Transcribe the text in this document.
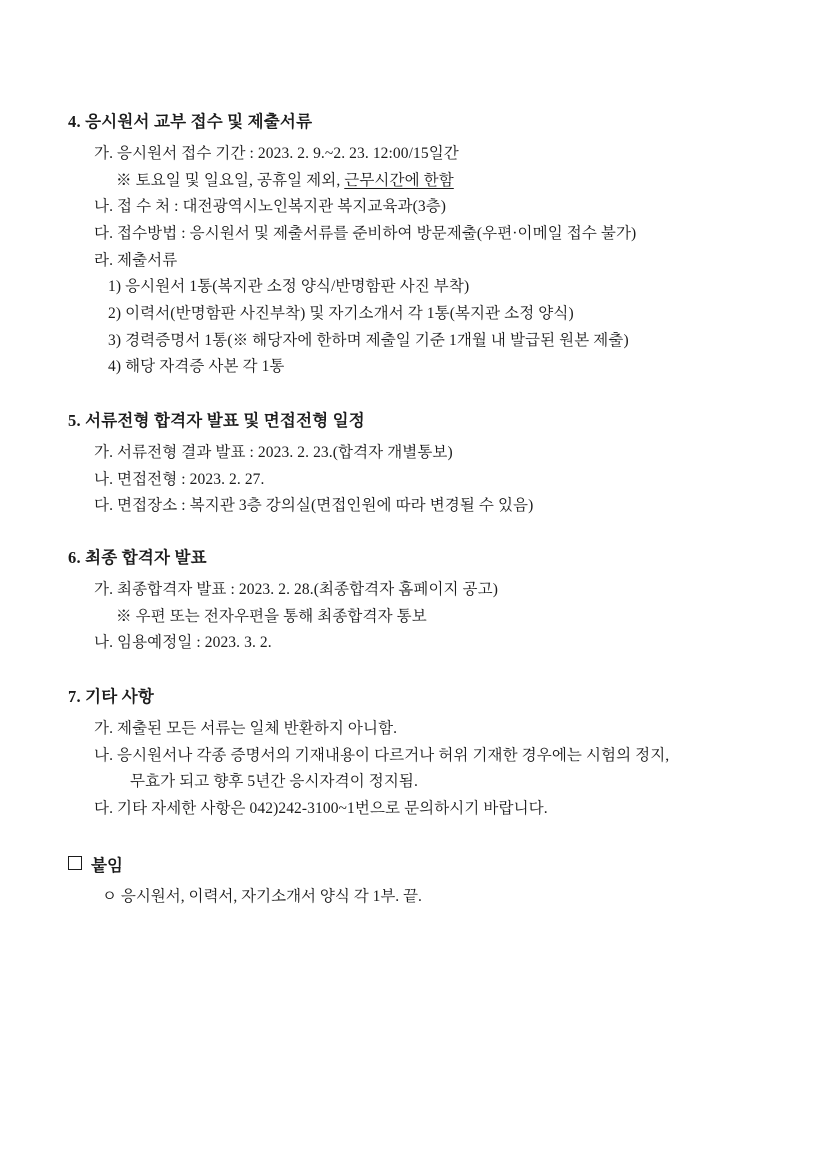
4. 응시원서 교부 접수 및 제출서류
가. 응시원서 접수 기간 : 2023. 2. 9.~2. 23. 12:00/15일간
※ 토요일 및 일요일, 공휴일 제외, 근무시간에 한함
나. 접 수 처 : 대전광역시노인복지관 복지교육과(3층)
다. 접수방법 : 응시원서 및 제출서류를 준비하여 방문제출(우편·이메일 접수 불가)
라. 제출서류
1) 응시원서 1통(복지관 소정 양식/반명함판 사진 부착)
2) 이력서(반명함판 사진부착) 및 자기소개서 각 1통(복지관 소정 양식)
3) 경력증명서 1통(※ 해당자에 한하며 제출일 기준 1개월 내 발급된 원본 제출)
4) 해당 자격증 사본 각 1통
5. 서류전형 합격자 발표 및 면접전형 일정
가. 서류전형 결과 발표 : 2023. 2. 23.(합격자 개별통보)
나. 면접전형 : 2023. 2. 27.
다. 면접장소 : 복지관 3층 강의실(면접인원에 따라 변경될 수 있음)
6. 최종 합격자 발표
가. 최종합격자 발표 : 2023. 2. 28.(최종합격자 홈페이지 공고)
※ 우편 또는 전자우편을 통해 최종합격자 통보
나. 임용예정일 : 2023. 3. 2.
7. 기타 사항
가. 제출된 모든 서류는 일체 반환하지 아니함.
나. 응시원서나 각종 증명서의 기재내용이 다르거나 허위 기재한 경우에는 시험의 정지,
무효가 되고 향후 5년간 응시자격이 정지됨.
다. 기타 자세한 사항은 042)242-3100~1번으로 문의하시기 바랍니다.
붙임
ㅇ 응시원서, 이력서, 자기소개서 양식 각 1부. 끝.
